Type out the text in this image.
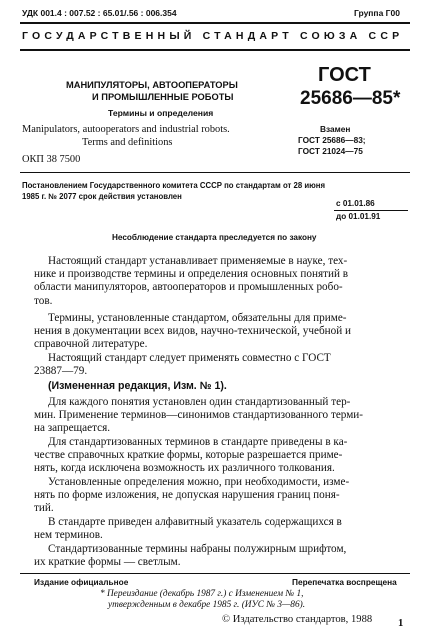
УДК 001.4 : 007.52 : 65.01/.56 : 006.354	Группа Г00
ГОСУДАРСТВЕННЫЙ СТАНДАРТ СОЮЗА ССР
МАНИПУЛЯТОРЫ, АВТООПЕРАТОРЫ
И ПРОМЫШЛЕННЫЕ РОБОТЫ
Термины и определения
Manipulators, autooperators and industrial robots.
Terms and definitions
ГОСТ
25686—85*
Взамен
ГОСТ 25686—83;
ГОСТ 21024—75
ОКП 38 7500
Постановлением Государственного комитета СССР по стандартам от 28 июня
1985 г. № 2077 срок действия установлен
с 01.01.86
до 01.01.91
Несоблюдение стандарта преследуется по закону
Настоящий стандарт устанавливает применяемые в науке, тех-
нике и производстве термины и определения основных понятий в
области манипуляторов, автооператоров и промышленных робо-
тов.
Термины, установленные стандартом, обязательны для приме-
нения в документации всех видов, научно-технической, учебной и
справочной литературе.
Настоящий стандарт следует применять совместно с ГОСТ
23887—79.
(Измененная редакция, Изм. № 1).
Для каждого понятия установлен один стандартизованный тер-
мин. Применение терминов—синонимов стандартизованного терми-
на запрещается.
Для стандартизованных терминов в стандарте приведены в ка-
честве справочных краткие формы, которые разрешается приме-
нять, когда исключена возможность их различного толкования.
Установленные определения можно, при необходимости, изме-
нять по форме изложения, не допуская нарушения границ поня-
тий.
В стандарте приведен алфавитный указатель содержащихся в
нем терминов.
Стандартизованные термины набраны полужирным шрифтом,
их краткие формы — светлым.
Издание официальное	Перепечатка воспрещена
* Переиздание (декабрь 1987 г.) с Изменением № 1,
утвержденным в декабре 1985 г. (ИУС № 3—86).
© Издательство стандартов, 1988 1
